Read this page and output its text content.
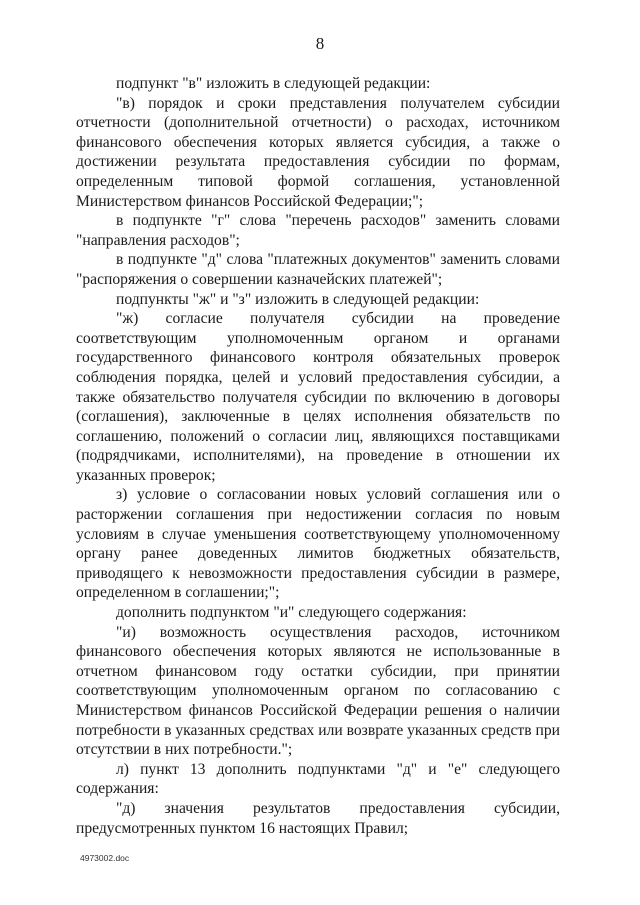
8

подпункт "в" изложить в следующей редакции:

"в) порядок и сроки представления получателем субсидии отчетности (дополнительной отчетности) о расходах, источником финансового обеспечения которых является субсидия, а также о достижении результата предоставления субсидии по формам, определенным типовой формой соглашения, установленной Министерством финансов Российской Федерации;";

в подпункте "г" слова "перечень расходов" заменить словами "направления расходов";

в подпункте "д" слова "платежных документов" заменить словами "распоряжения о совершении казначейских платежей";

подпункты "ж" и "з" изложить в следующей редакции:

"ж) согласие получателя субсидии на проведение соответствующим уполномоченным органом и органами государственного финансового контроля обязательных проверок соблюдения порядка, целей и условий предоставления субсидии, а также обязательство получателя субсидии по включению в договоры (соглашения), заключенные в целях исполнения обязательств по соглашению, положений о согласии лиц, являющихся поставщиками (подрядчиками, исполнителями), на проведение в отношении их указанных проверок;

з) условие о согласовании новых условий соглашения или о расторжении соглашения при недостижении согласия по новым условиям в случае уменьшения соответствующему уполномоченному органу ранее доведенных лимитов бюджетных обязательств, приводящего к невозможности предоставления субсидии в размере, определенном в соглашении;";

дополнить подпунктом "и" следующего содержания:

"и) возможность осуществления расходов, источником финансового обеспечения которых являются не использованные в отчетном финансовом году остатки субсидии, при принятии соответствующим уполномоченным органом по согласованию с Министерством финансов Российской Федерации решения о наличии потребности в указанных средствах или возврате указанных средств при отсутствии в них потребности.";

л) пункт 13 дополнить подпунктами "д" и "е" следующего содержания:

"д) значения результатов предоставления субсидии, предусмотренных пунктом 16 настоящих Правил;

4973002.doc
